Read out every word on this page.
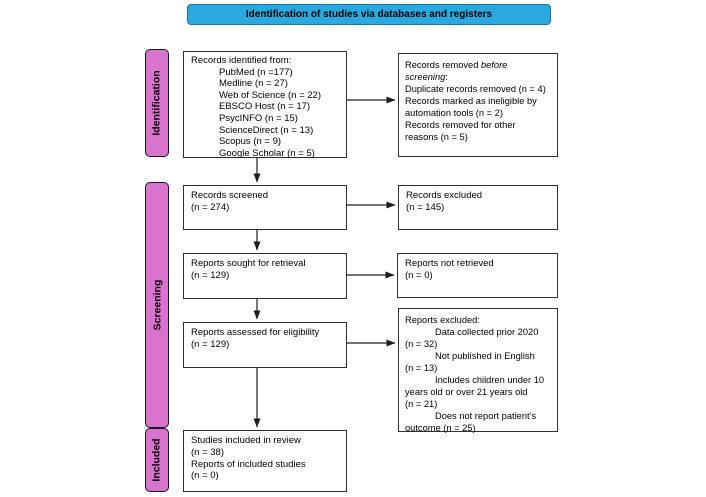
Identification of studies via databases and registers
Identification
Screening
Included
Records identified from:
PubMed (n =177)
Medline (n = 27)
Web of Science (n = 22)
EBSCO Host (n = 17)
PsycINFO (n = 15)
ScienceDirect (n = 13)
Scopus (n = 9)
Google Scholar (n = 5)
Records screened
(n = 274)
Reports sought for retrieval
(n = 129)
Reports assessed for eligibility
(n = 129)
Studies included in review
(n = 38)
Reports of included studies
(n = 0)
Records removed before screening:
Duplicate records removed (n = 4)
Records marked as ineligible by automation tools (n = 2)
Records removed for other reasons (n = 5)
Records excluded
(n = 145)
Reports not retrieved
(n = 0)
Reports excluded:
Data collected prior 2020 (n = 32)
Not published in English (n = 13)
Includes children under 10 years old or over 21 years old (n = 21)
Does not report patient’s outcome (n = 25)
